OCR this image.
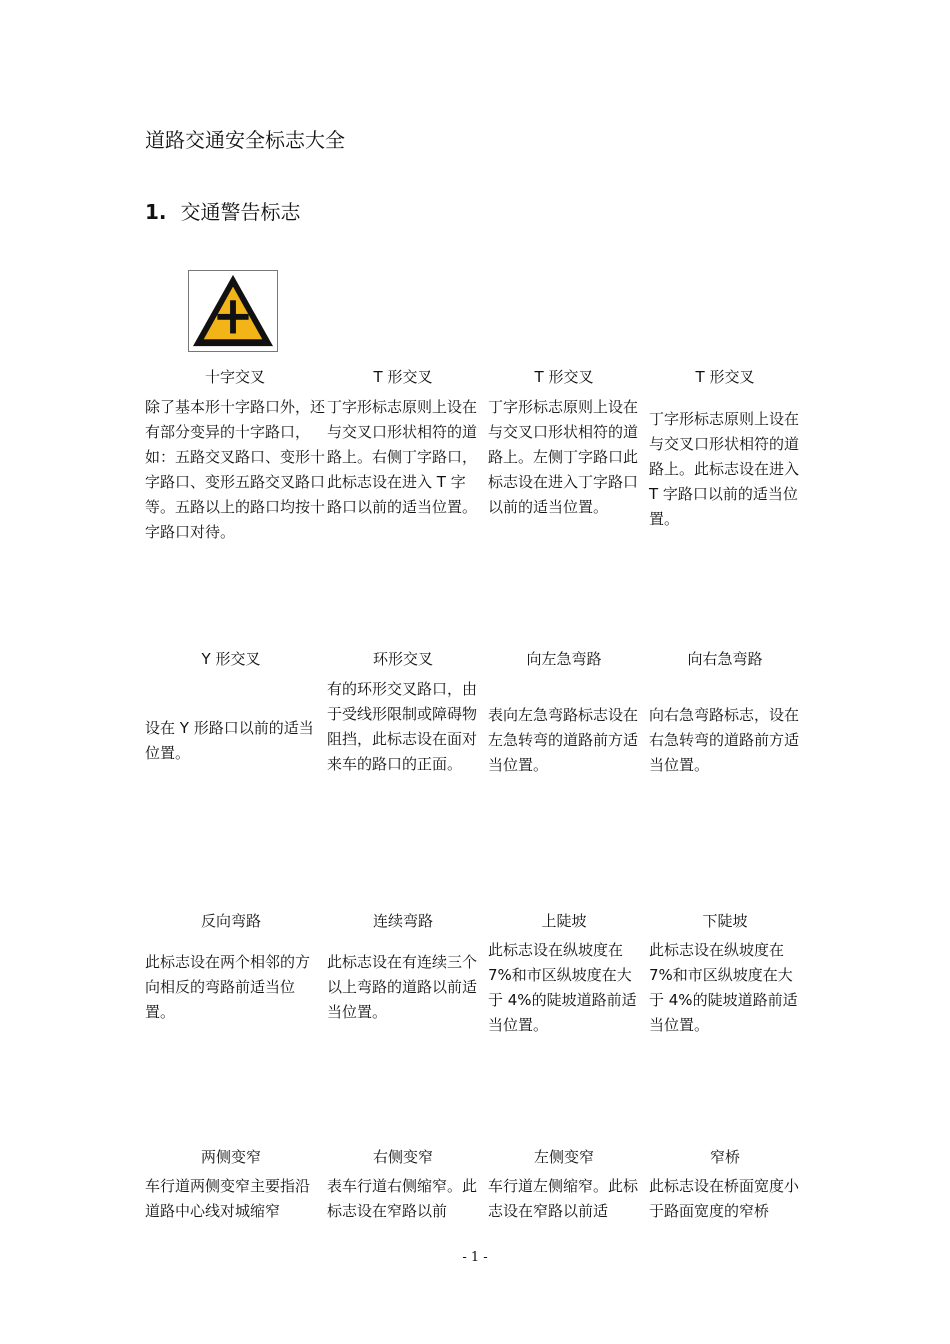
道路交通安全标志大全
1. 交通警告标志
十字交叉
除了基本形十字路口外，还有部分变异的十字路口，如：五路交叉路口、变形十字路口、变形五路交叉路口等。五路以上的路口均按十字路口对待。
T 形交叉
丁字形标志原则上设在与交叉口形状相符的道路上。右侧丁字路口，此标志设在进入 T 字路口以前的适当位置。
T 形交叉
丁字形标志原则上设在与交叉口形状相符的道路上。左侧丁字路口此标志设在进入丁字路口以前的适当位置。
T 形交叉
丁字形标志原则上设在与交叉口形状相符的道路上。此标志设在进入 T 字路口以前的适当位置。
Y 形交叉
设在 Y 形路口以前的适当位置。
环形交叉
有的环形交叉路口，由于受线形限制或障碍物阻挡，此标志设在面对来车的路口的正面。
向左急弯路
表向左急弯路标志设在左急转弯的道路前方适当位置。
向右急弯路
向右急弯路标志，设在右急转弯的道路前方适当位置。
反向弯路
此标志设在两个相邻的方向相反的弯路前适当位置。
连续弯路
此标志设在有连续三个以上弯路的道路以前适当位置。
上陡坡
此标志设在纵坡度在7%和市区纵坡度在大于 4%的陡坡道路前适当位置。
下陡坡
此标志设在纵坡度在7%和市区纵坡度在大于 4%的陡坡道路前适当位置。
两侧变窄
车行道两侧变窄主要指沿道路中心线对城缩窄
右侧变窄
表车行道右侧缩窄。此标志设在窄路以前
左侧变窄
车行道左侧缩窄。此标志设在窄路以前适
窄桥
此标志设在桥面宽度小于路面宽度的窄桥
- 1 -
